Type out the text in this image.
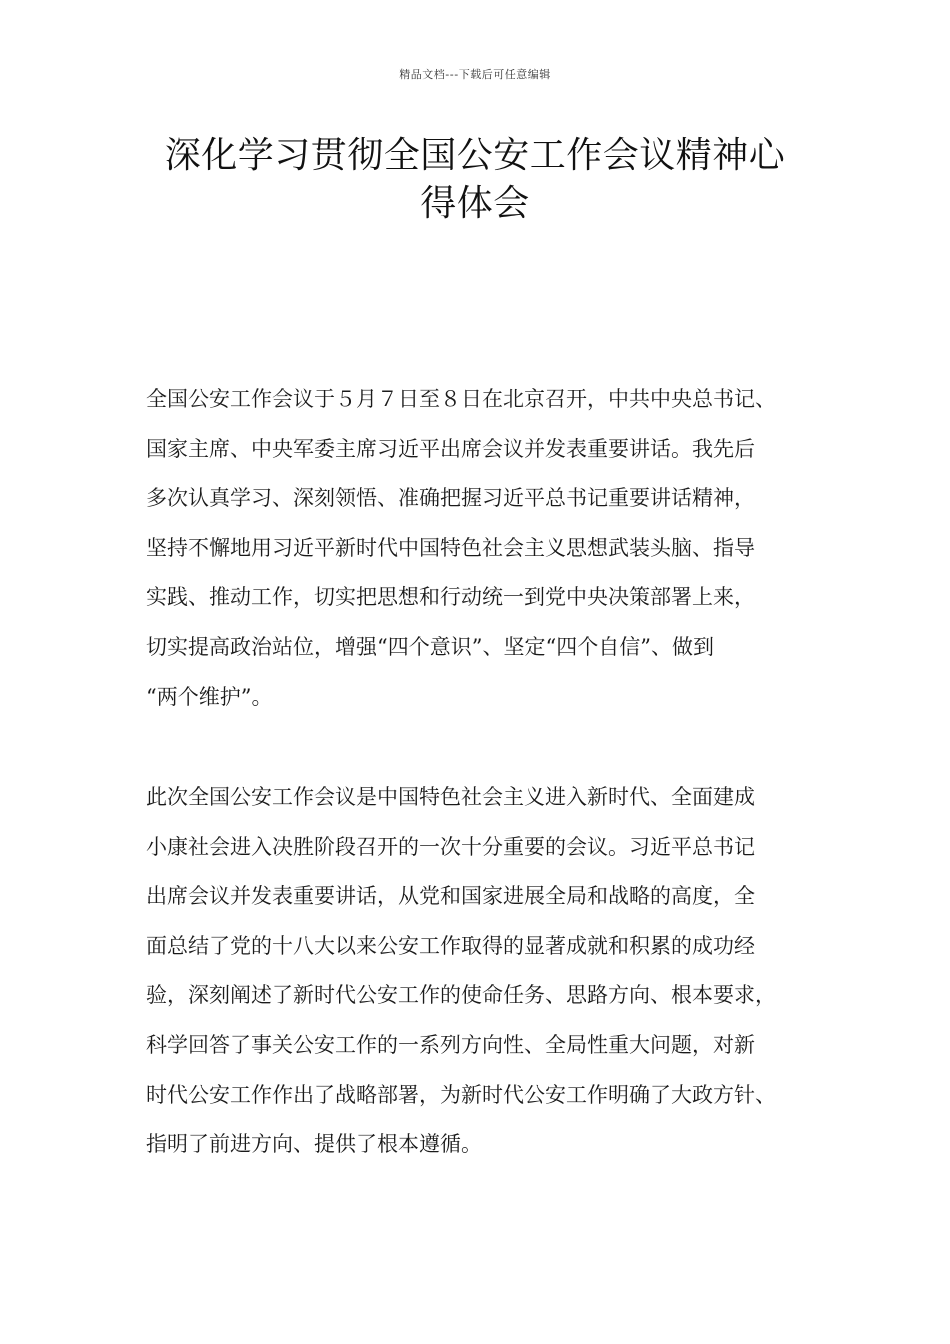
精品文档---下载后可任意编辑
深化学习贯彻全国公安工作会议精神心
得体会
全国公安工作会议于５月７日至８日在北京召开，中共中央总书记、
国家主席、中央军委主席习近平出席会议并发表重要讲话。我先后
多次认真学习、深刻领悟、准确把握习近平总书记重要讲话精神，
坚持不懈地用习近平新时代中国特色社会主义思想武装头脑、指导
实践、推动工作，切实把思想和行动统一到党中央决策部署上来，
切实提高政治站位，增强“四个意识”、坚定“四个自信”、做到
“两个维护”。
此次全国公安工作会议是中国特色社会主义进入新时代、全面建成
小康社会进入决胜阶段召开的一次十分重要的会议。习近平总书记
出席会议并发表重要讲话，从党和国家进展全局和战略的高度，全
面总结了党的十八大以来公安工作取得的显著成就和积累的成功经
验，深刻阐述了新时代公安工作的使命任务、思路方向、根本要求，
科学回答了事关公安工作的一系列方向性、全局性重大问题，对新
时代公安工作作出了战略部署，为新时代公安工作明确了大政方针、
指明了前进方向、提供了根本遵循。
